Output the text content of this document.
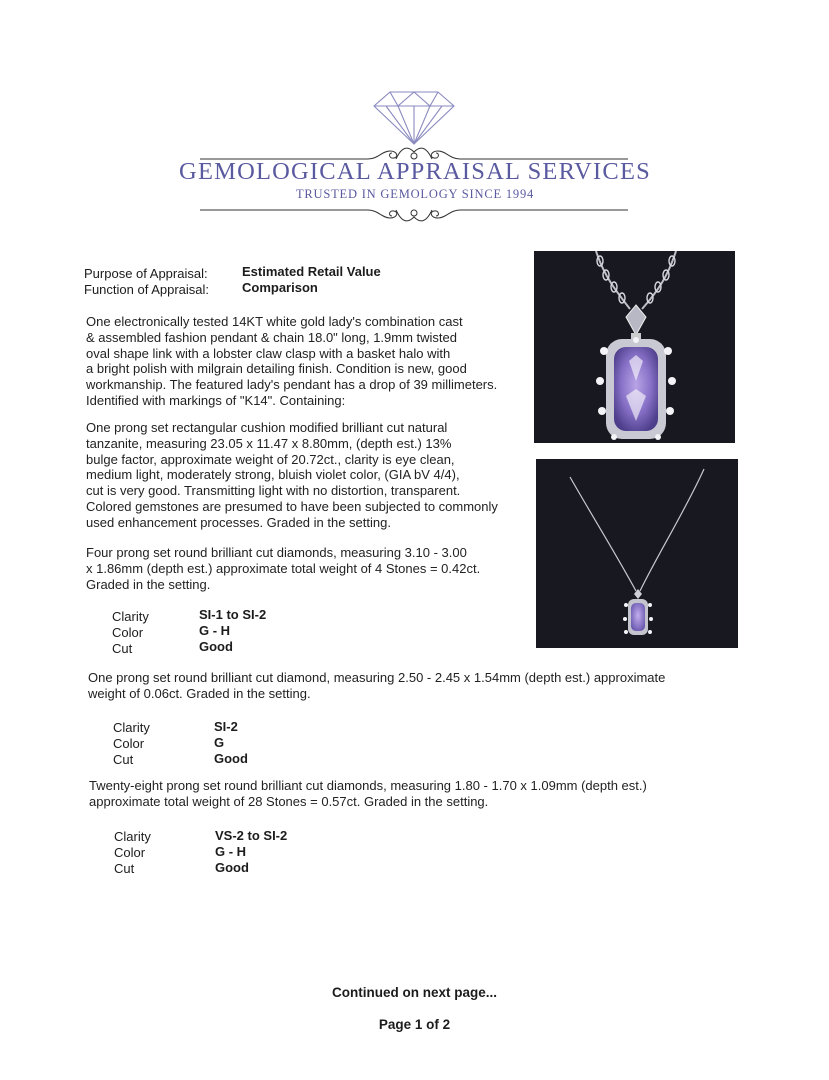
GEMOLOGICAL APPRAISAL SERVICES
TRUSTED IN GEMOLOGY SINCE 1994
Purpose of Appraisal:	Estimated Retail Value
Function of Appraisal:	Comparison
One electronically tested 14KT white gold lady's combination cast
& assembled fashion pendant & chain 18.0" long, 1.9mm twisted
oval shape link with a lobster claw clasp with a basket halo with
a bright polish with milgrain detailing finish. Condition is new, good
workmanship. The featured lady's pendant has a drop of 39 millimeters.
Identified with markings of "K14". Containing:
One prong set rectangular cushion modified brilliant cut natural
tanzanite, measuring 23.05 x 11.47 x 8.80mm, (depth est.) 13%
bulge factor, approximate weight of 20.72ct., clarity is eye clean,
medium light, moderately strong, bluish violet color, (GIA bV 4/4),
cut is very good. Transmitting light with no distortion, transparent.
Colored gemstones are presumed to have been subjected to commonly
used enhancement processes. Graded in the setting.
Four prong set round brilliant cut diamonds, measuring 3.10 - 3.00
x 1.86mm (depth est.) approximate total weight of 4 Stones = 0.42ct.
Graded in the setting.
Clarity
Color
Cut
SI-1 to SI-2
G - H
Good
One prong set round brilliant cut diamond, measuring 2.50 - 2.45 x 1.54mm (depth est.) approximate
weight of 0.06ct. Graded in the setting.
Clarity
Color
Cut
SI-2
G
Good
Twenty-eight prong set round brilliant cut diamonds, measuring 1.80 - 1.70 x 1.09mm (depth est.)
approximate total weight of 28 Stones = 0.57ct. Graded in the setting.
Clarity
Color
Cut
VS-2 to SI-2
G - H
Good
Continued on next page...
Page 1 of 2
